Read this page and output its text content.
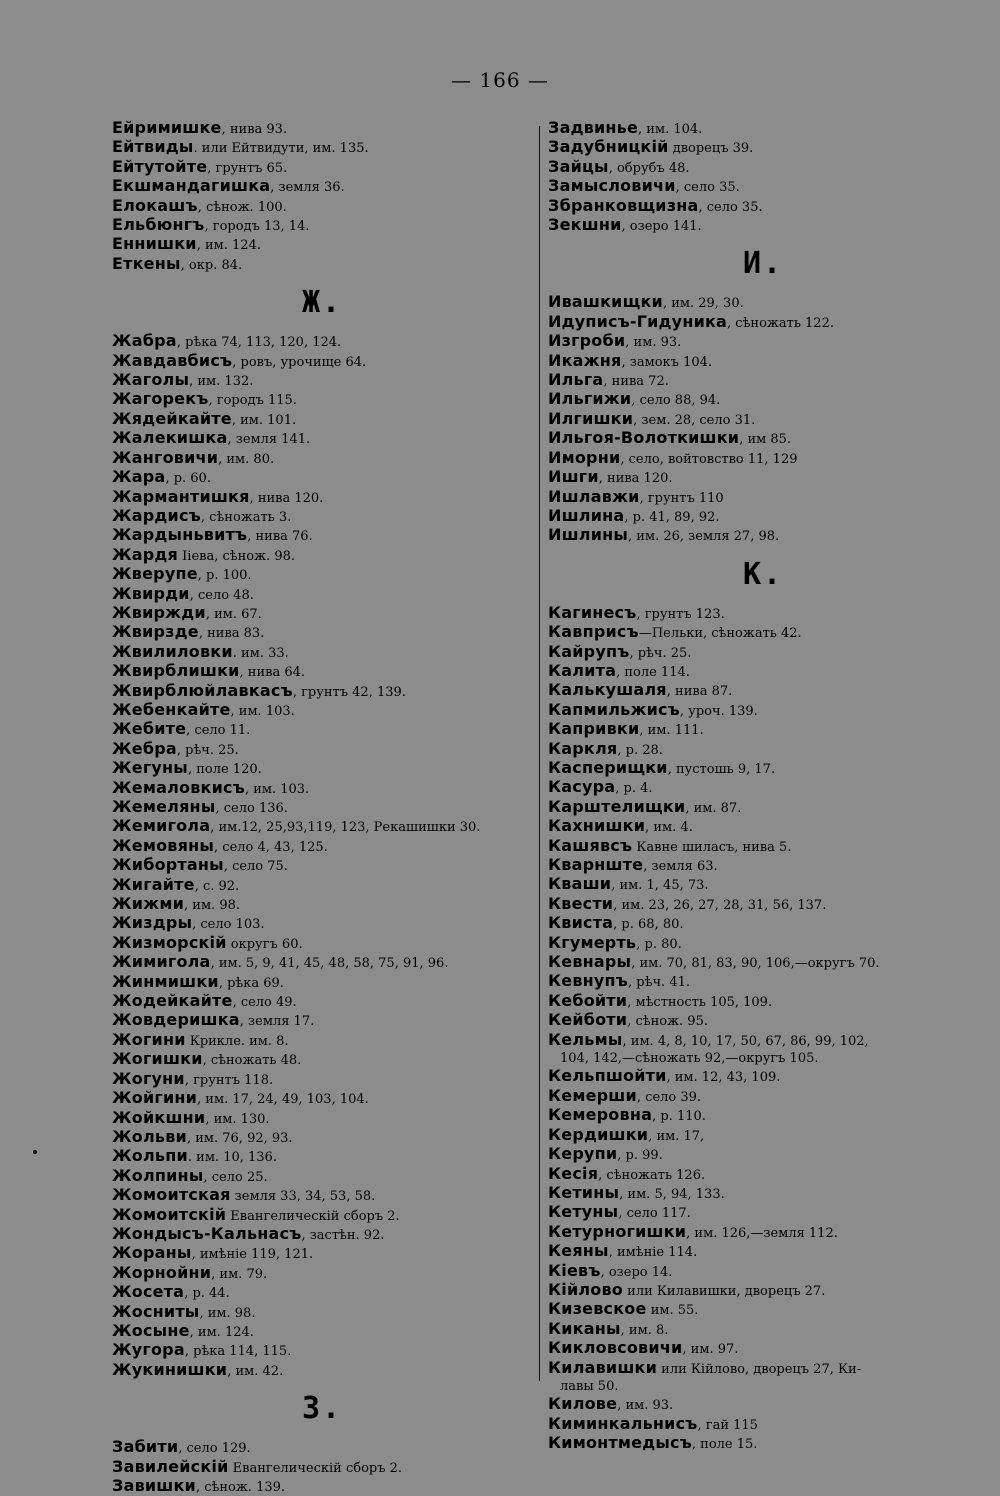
— 166 —
Ейримишке, нива 93.
Ейтвиды. или Ейтвидути, им. 135.
Ейтутойте, грунтъ 65.
Екшмандагишка, земля 36.
Елокашъ, сѣнож. 100.
Ельбюнгъ, городъ 13, 14.
Еннишки, им. 124.
Еткены, окр. 84.
Ж.
Жабра, рѣка 74, 113, 120, 124.
Жавдавбисъ, ровъ, урочище 64.
Жаголы, им. 132.
Жагорекъ, городъ 115.
Жядейкайте, им. 101.
Жалекишка, земля 141.
Жанговичи, им. 80.
Жара, р. 60.
Жармантишкя, нива 120.
Жардисъ, сѣножать 3.
Жардыньвитъ, нива 76.
Жардя Iiева, сѣнож. 98.
Жверупе, р. 100.
Жвирди, село 48.
Жвиржди, им. 67.
Жвирздe, нива 83.
Жвилиловки. им. 33.
Жвирблишки, нива 64.
Жвирблюйлавкасъ, грунтъ 42, 139.
Жебенкайте, им. 103.
Жебите, село 11.
Жебра, рѣч. 25.
Жегуны, поле 120.
Жемаловкисъ, им. 103.
Жемеляны, село 136.
Жемигола, им.12, 25,93,119, 123, Рекашишки 30.
Жемовяны, село 4, 43, 125.
Жибортаны, село 75.
Жигайте, с. 92.
Жижми, им. 98.
Жиздры, село 103.
Жизморскій округъ 60.
Жимигола, им. 5, 9, 41, 45, 48, 58, 75, 91, 96.
Жинмишки, рѣка 69.
Жодейкайте, село 49.
Жовдеришка, земля 17.
Жогини Крикле. им. 8.
Жогишки, сѣножать 48.
Жогуни, грунтъ 118.
Жойгини, им. 17, 24, 49, 103, 104.
Жойкшни, им. 130.
Жольви, им. 76, 92, 93.
Жольпи. им. 10, 136.
Жолпины, село 25.
Жомоитская земля 33, 34, 53, 58.
Жомоитскій Евангелическій сборъ 2.
Жондысъ-Кальнасъ, застѣн. 92.
Жораны, имѣніе 119, 121.
Жорнойни, им. 79.
Жосета, р. 44.
Жосниты, им. 98.
Жосыне, им. 124.
Жугора, рѣка 114, 115.
Жукинишки, им. 42.
З.
Забити, село 129.
Завилейскій Евангелическій сборъ 2.
Завишки, сѣнож. 139.
Задвинье, им. 104.
Задубницкій дворецъ 39.
Зайцы, обрубъ 48.
Замысловичи, село 35.
Збранковщизна, село 35.
Зекшни, озеро 141.
И.
Ивашкищки, им. 29, 30.
Идуписъ-Гидуника, сѣножать 122.
Изгроби, им. 93.
Икажня, замокъ 104.
Ильга, нива 72.
Ильгижи, село 88, 94.
Илгишки, зем. 28, село 31.
Ильгоя-Волоткишки, им 85.
Иморни, село, войтовство 11, 129
Ишги, нива 120.
Ишлавжи, грунтъ 110
Ишлина, р. 41, 89, 92.
Ишлины, им. 26, земля 27, 98.
К.
Кагинесъ, грунтъ 123.
Кавприсъ—Пельки, сѣножать 42.
Кайрупъ, рѣч. 25.
Калита, поле 114.
Калькушаля, нива 87.
Капмильжисъ, уроч. 139.
Капривки, им. 111.
Каркля, р. 28.
Касперищки, пустошь 9, 17.
Касура, р. 4.
Карштелищки, им. 87.
Кахнишки, им. 4.
Кашявсъ Кавне шиласъ, нива 5.
Кварнште, земля 63.
Кваши, им. 1, 45, 73.
Квести, им. 23, 26, 27, 28, 31, 56, 137.
Квиста, р. 68, 80.
Кгумерть, р. 80.
Кевнары, им. 70, 81, 83, 90, 106,—округъ 70.
Кевнупъ, рѣч. 41.
Кебойти, мѣстность 105, 109.
Кейботи, сѣнож. 95.
Кельмы, им. 4, 8, 10, 17, 50, 67, 86, 99, 102,
104, 142,—сѣножать 92,—округъ 105.
Кельпшойти, им. 12, 43, 109.
Кемерши, село 39.
Кемеровна, р. 110.
Кердишки, им. 17,
Керупи, р. 99.
Кесія, сѣножать 126.
Кетины, им. 5, 94, 133.
Кетуны, село 117.
Кетурногишки, им. 126,—земля 112.
Кеяны, имѣніе 114.
Кіевъ, озеро 14.
Кійлово или Килавишки, дворецъ 27.
Кизевское им. 55.
Киканы, им. 8.
Кикловсовичи, им. 97.
Килавишки или Кійлово, дворецъ 27, Ки-
лавы 50.
Килове, им. 93.
Киминкальнисъ, гай 115
Кимонтмедысъ, поле 15.
